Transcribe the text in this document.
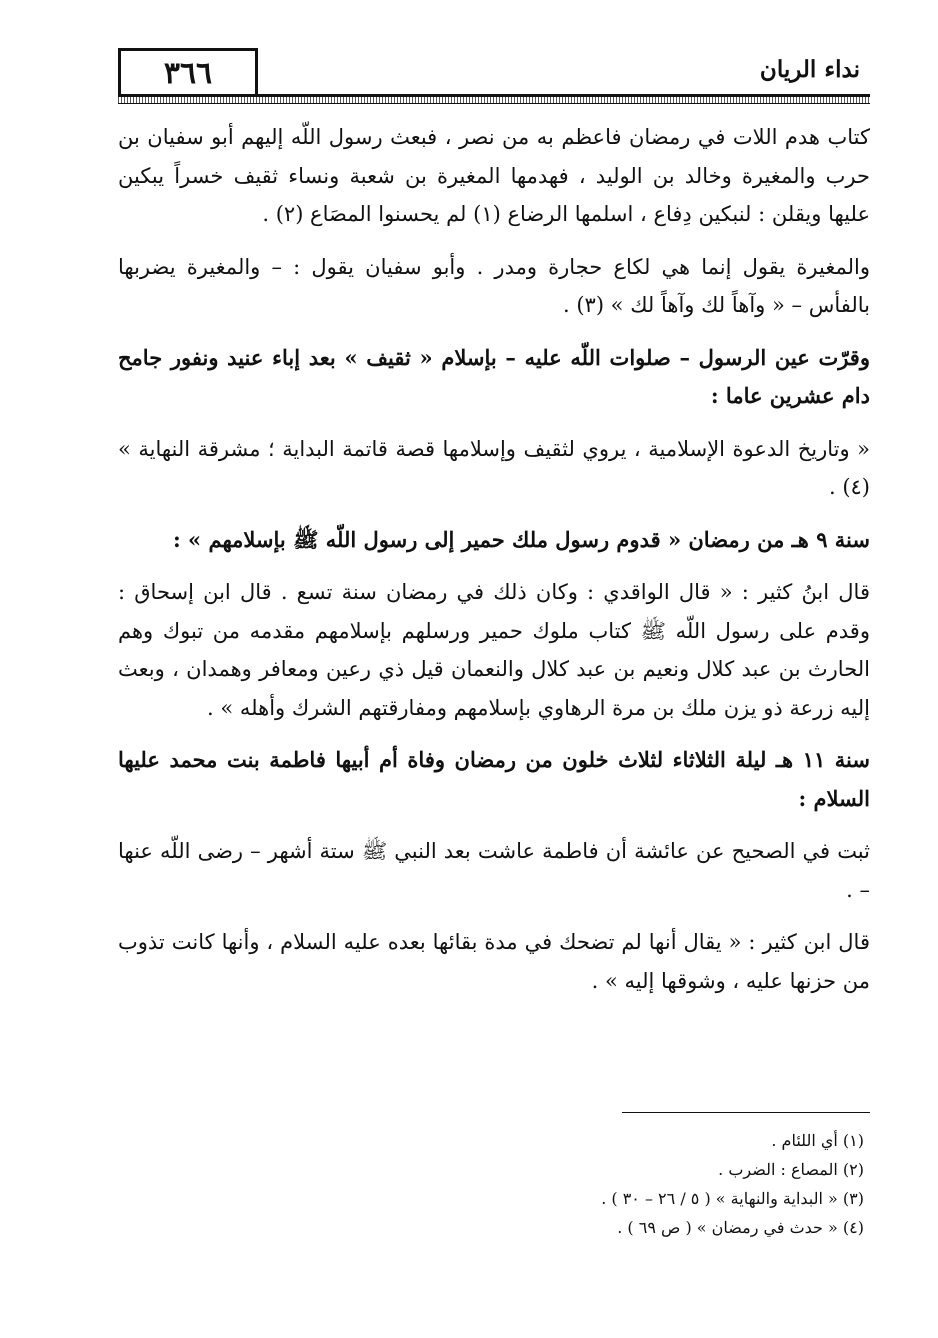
٣٦٦	نداء الريان

كتاب هدم اللات في رمضان فاعظم به من نصر ، فبعث رسول اللّه إليهم أبو سفيان بن حرب والمغيرة وخالد بن الوليد ، فهدمها المغيرة بن شعبة ونساء ثقيف خسراً يبكين عليها ويقلن : لنبكين دِفاع ، اسلمها الرضاع (١) لم يحسنوا المصَاع (٢) .

والمغيرة يقول إنما هي لكاع حجارة ومدر . وأبو سفيان يقول : – والمغيرة يضربها بالفأس – « وآهاً لك وآهاً لك » (٣) .

وقرّت عين الرسول – صلوات اللّه عليه – بإسلام « ثقيف » بعد إباء عنيد ونفور جامح دام عشرين عاما :

« وتاريخ الدعوة الإسلامية ، يروي لثقيف وإسلامها قصة قاتمة البداية ؛ مشرقة النهاية » (٤) .

سنة ٩ هـ من رمضان « قدوم رسول ملك حمير إلى رسول اللّه ﷺ بإسلامهم » :

قال ابنُ كثير : « قال الواقدي : وكان ذلك في رمضان سنة تسع . قال ابن إسحاق : وقدم على رسول اللّه ﷺ كتاب ملوك حمير ورسلهم بإسلامهم مقدمه من تبوك وهم الحارث بن عبد كلال ونعيم بن عبد كلال والنعمان قيل ذي رعين ومعافر وهمدان ، وبعث إليه زرعة ذو يزن ملك بن مرة الرهاوي بإسلامهم ومفارقتهم الشرك وأهله » .

سنة ١١ هـ ليلة الثلاثاء لثلاث خلون من رمضان وفاة أم أبيها فاطمة بنت محمد عليها السلام :

ثبت في الصحيح عن عائشة أن فاطمة عاشت بعد النبي ﷺ ستة أشهر – رضى اللّه عنها – .

قال ابن كثير : « يقال أنها لم تضحك في مدة بقائها بعده عليه السلام ، وأنها كانت تذوب من حزنها عليه ، وشوقها إليه » .

(١) أي اللئام .

(٢) المصاع : الضرب .

(٣) « البداية والنهاية » ( ٥ / ٢٦ – ٣٠ ) .

(٤) « حدث في رمضان » ( ص ٦٩ ) .
